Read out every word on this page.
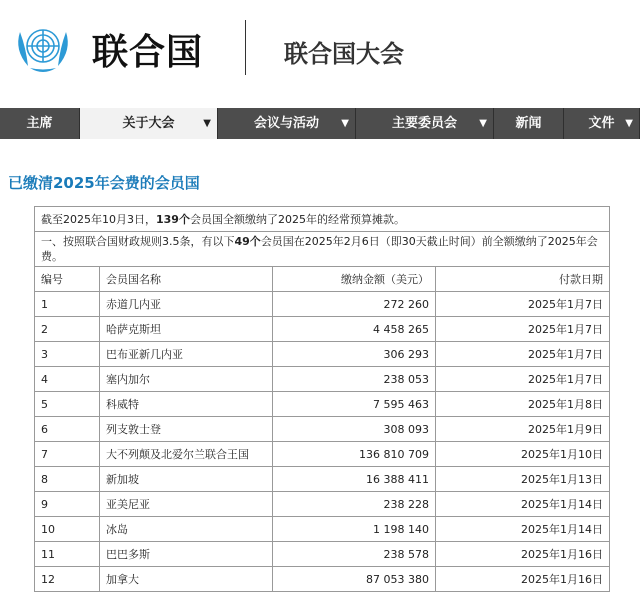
联合国	联合国大会
主席	关于大会	▼	会议与活动 ▼	主要委员会 ▼	新闻	文件 ▼
已缴清2025年会费的会员国
截至2025年10月3日，139个会员国全额缴纳了2025年的经常预算摊款。			
一、按照联合国财政规则3.5条，有以下49个会员国在2025年2月6日（即30天截止时间）前全额缴纳了2025年会费。			
编号	会员国名称	缴纳金额（美元）	付款日期
1	赤道几内亚	272 260	2025年1月7日
2	哈萨克斯坦	4 458 265	2025年1月7日
3	巴布亚新几内亚	306 293	2025年1月7日
4	塞内加尔	238 053	2025年1月7日
5	科威特	7 595 463	2025年1月8日
6	列支敦士登	308 093	2025年1月9日
7	大不列颠及北爱尔兰联合王国	136 810 709	2025年1月10日
8	新加坡	16 388 411	2025年1月13日
9	亚美尼亚	238 228	2025年1月14日
10	冰岛	1 198 140	2025年1月14日
11	巴巴多斯	238 578	2025年1月16日
12	加拿大	87 053 380	2025年1月16日
